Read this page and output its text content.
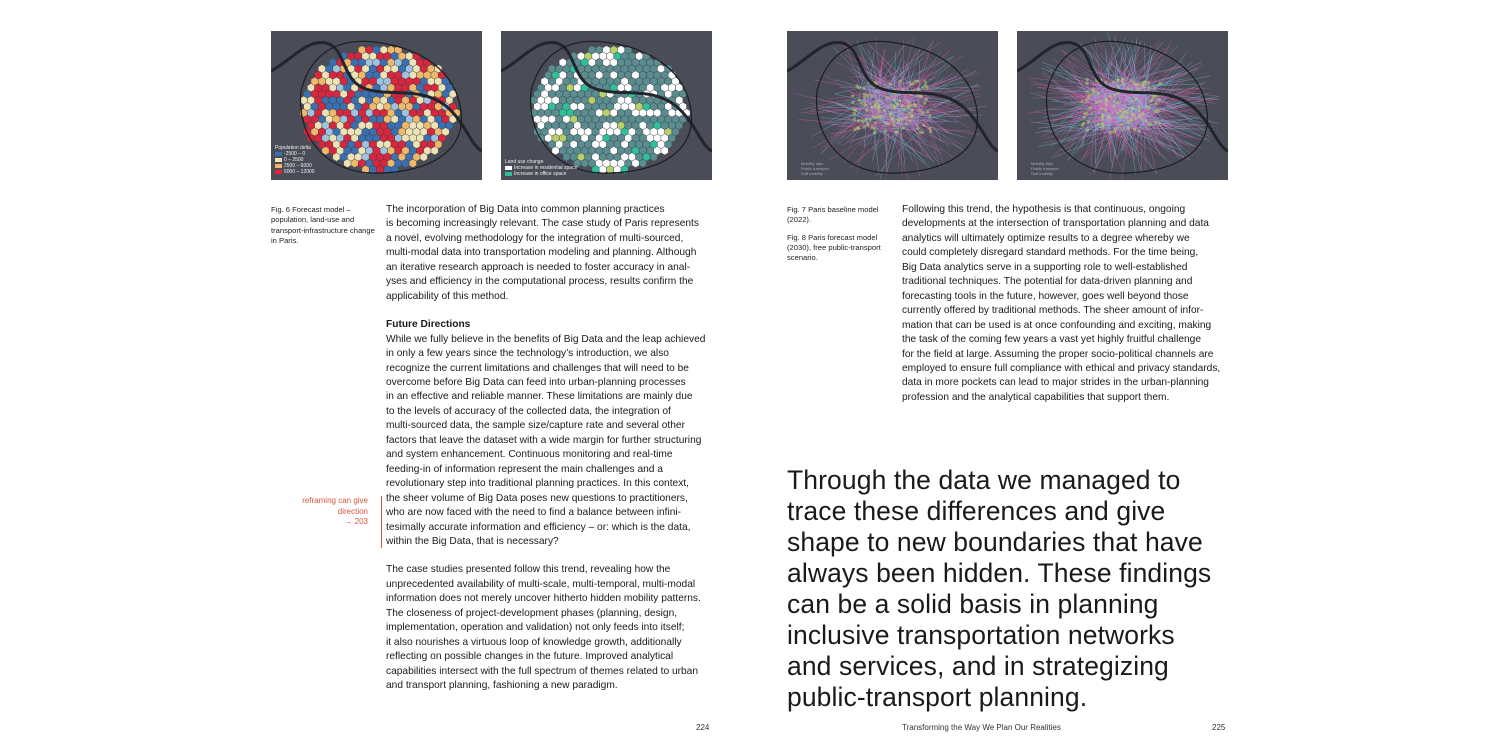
Population delta
-2500 – 0
0 – 2500
2500 – 6000
6000 – 12000
Land use change
Increase in residential space
Increase in office space
Fig. 6 Forecast model – population, land-use and transport-infrastructure change in Paris.

The incorporation of Big Data into common planning practices
is becoming increasingly relevant. The case study of Paris represents
a novel, evolving methodology for the integration of multi-sourced,
multi-modal data into transportation modeling and planning. Although
an iterative research approach is needed to foster accuracy in anal-
yses and efficiency in the computational process, results confirm the
applicability of this method.

Future Directions

While we fully believe in the benefits of Big Data and the leap achieved
in only a few years since the technology’s introduction, we also
recognize the current limitations and challenges that will need to be
overcome before Big Data can feed into urban-planning processes
in an effective and reliable manner. These limitations are mainly due
to the levels of accuracy of the collected data, the integration of
multi-sourced data, the sample size/capture rate and several other
factors that leave the dataset with a wide margin for further structuring
and system enhancement. Continuous monitoring and real-time
feeding-in of information represent the main challenges and a
revolutionary step into traditional planning practices. In this context,
the sheer volume of Big Data poses new questions to practitioners,
who are now faced with the need to find a balance between infini-
tesimally accurate information and efficiency – or: which is the data,
within the Big Data, that is necessary?

The case studies presented follow this trend, revealing how the
unprecedented availability of multi-scale, multi-temporal, multi-modal
information does not merely uncover hitherto hidden mobility patterns.
The closeness of project-development phases (planning, design,
implementation, operation and validation) not only feeds into itself;
it also nourishes a virtuous loop of knowledge growth, additionally
reflecting on possible changes in the future. Improved analytical
capabilities intersect with the full spectrum of themes related to urban
and transport planning, fashioning a new paradigm.

reframing can give
direction
→ 203
224
Mobility trips
Public transport
Soft mobility
Mobility trips
Public transport
Soft mobility
Fig. 7 Paris baseline model (2022).
Fig. 8 Paris forecast model (2030), free public-transport scenario.

Following this trend, the hypothesis is that continuous, ongoing
developments at the intersection of transportation planning and data
analytics will ultimately optimize results to a degree whereby we
could completely disregard standard methods. For the time being,
Big Data analytics serve in a supporting role to well-established
traditional techniques. The potential for data-driven planning and
forecasting tools in the future, however, goes well beyond those
currently offered by traditional methods. The sheer amount of infor-
mation that can be used is at once confounding and exciting, making
the task of the coming few years a vast yet highly fruitful challenge
for the field at large. Assuming the proper socio-political channels are
employed to ensure full compliance with ethical and privacy standards,
data in more pockets can lead to major strides in the urban-planning
profession and the analytical capabilities that support them.

Through the data we managed to
trace these differences and give
shape to new boundaries that have
always been hidden. These findings
can be a solid basis in planning
inclusive transportation networks
and services, and in strategizing
public-transport planning.
Transforming the Way We Plan Our Realities	225
